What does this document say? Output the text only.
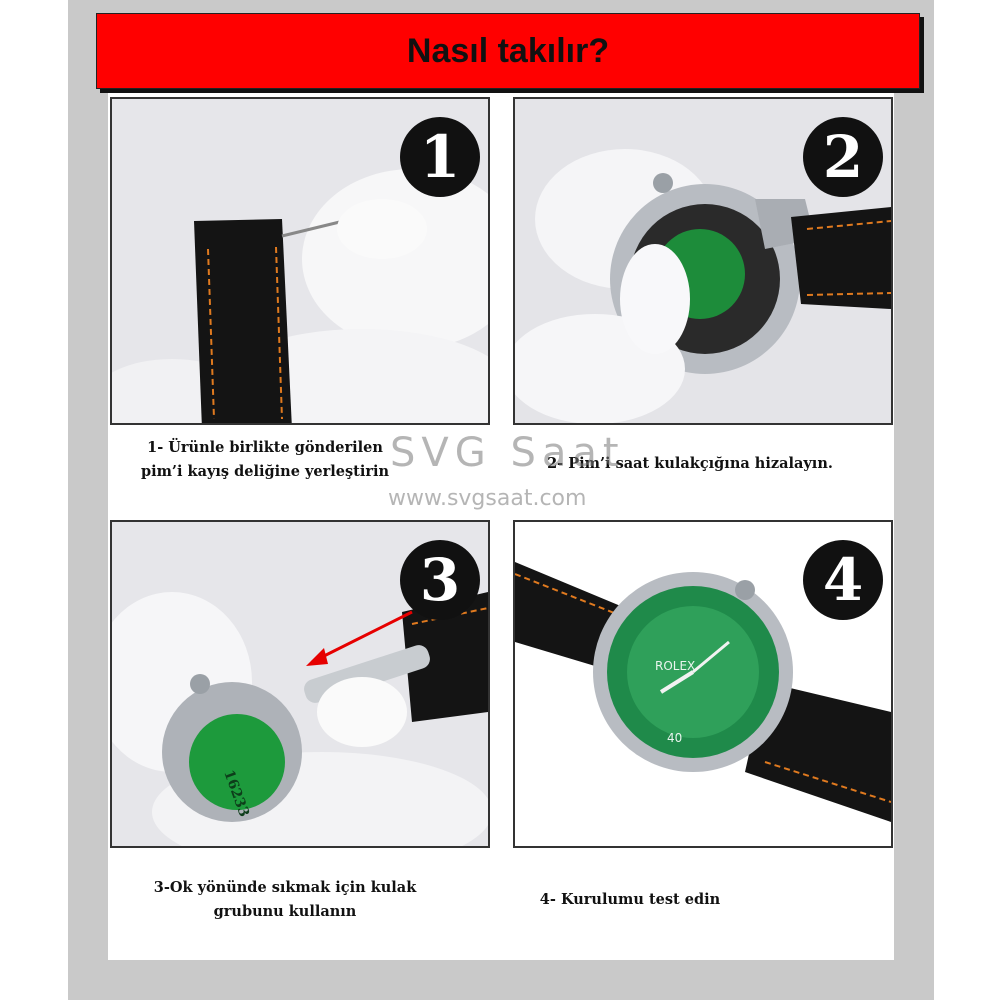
Nasıl takılır?
1	2
16233
3
ROLEX
40
4
1- Ürünle birlikte gönderilen
pim’i kayış deliğine yerleştirin	2- Pim’i saat kulakçığına hizalayın.
3-Ok yönünde sıkmak için kulak
grubunu kullanın
4- Kurulumu test edin
SVG Saat
www.svgsaat.com
